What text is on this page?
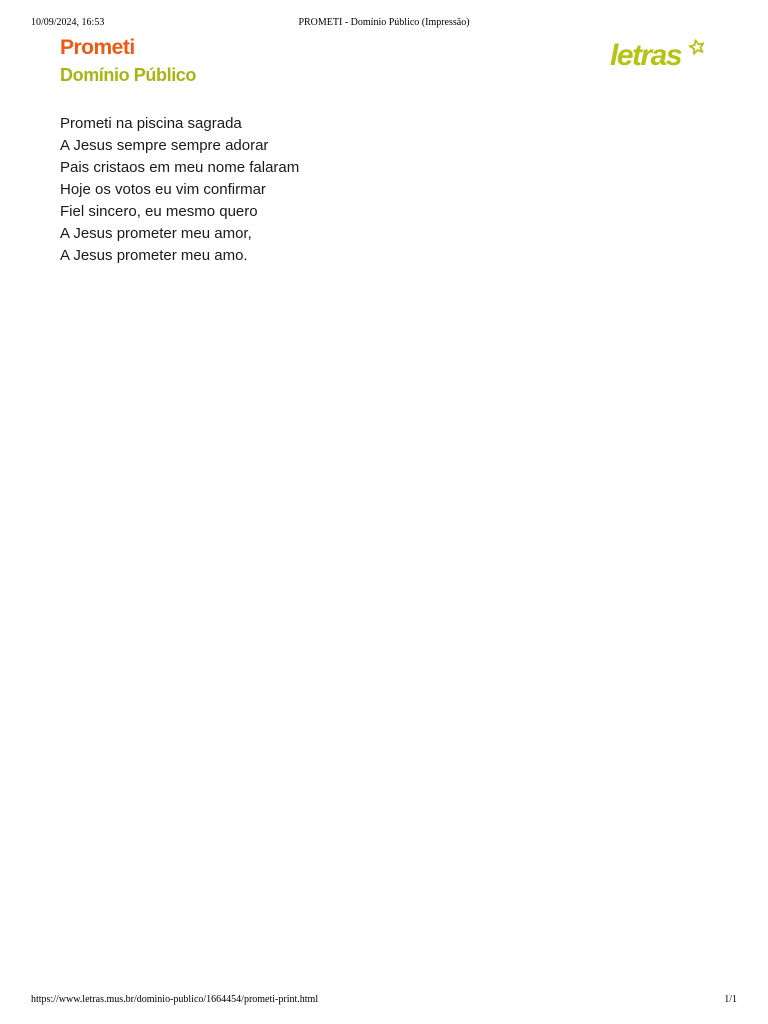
10/09/2024, 16:53	PROMETI - Domínio Público (Impressão)
Prometi
Domínio Público
letras
Prometi na piscina sagrada
A Jesus sempre sempre adorar
Pais cristaos em meu nome falaram
Hoje os votos eu vim confirmar
Fiel sincero, eu mesmo quero
A Jesus prometer meu amor,
A Jesus prometer meu amo.
https://www.letras.mus.br/dominio-publico/1664454/prometi-print.html	1/1
